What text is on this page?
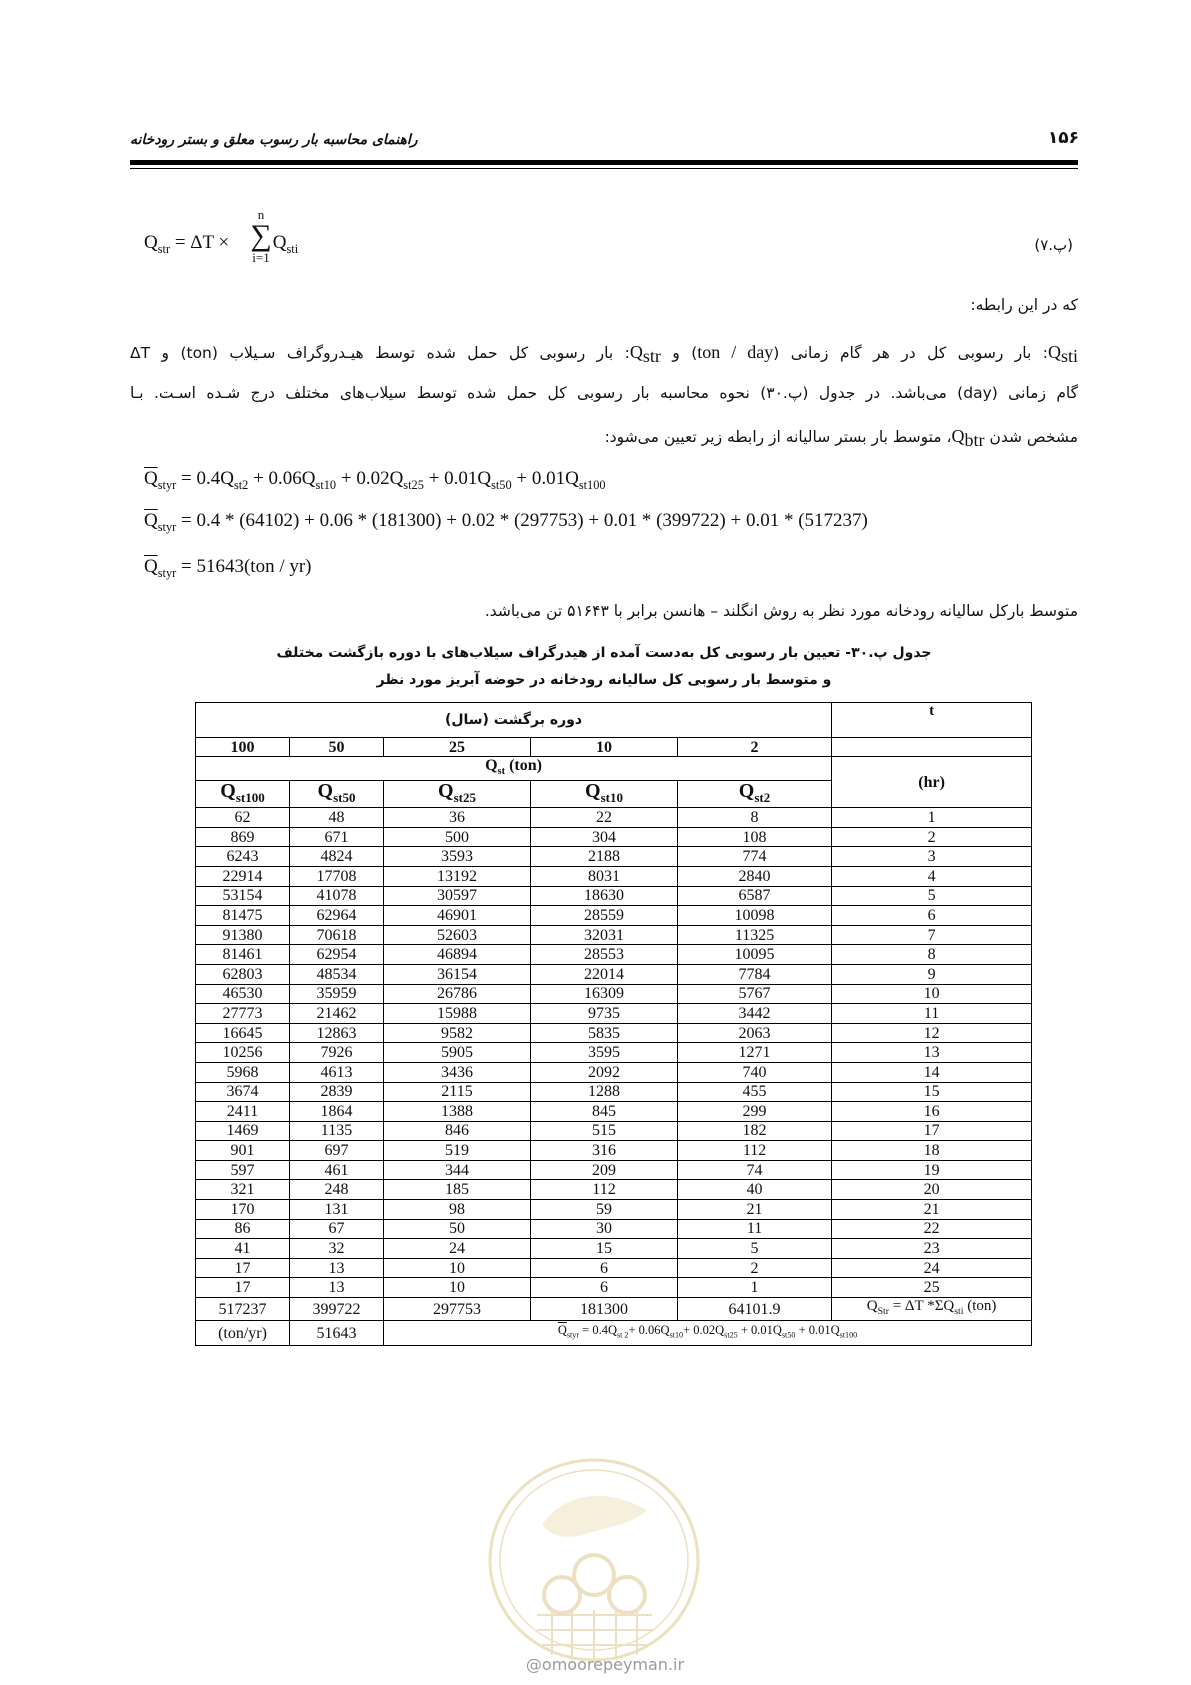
راهنمای محاسبه بار رسوب معلق و بستر رودخانه	۱۵۶
$Q_{str} = \Delta T \times Q_{sti}$
n
∑
i=1
(پ.۷)
که در این رابطه:
$Q_{sti}$: بار رسوبی کل در هر گام زمانی (ton / day) و $Q_{str}$: بار رسوبی کل حمل شده توسط هیـدروگراف سـیلاب (ton) و ΔT
گام زمانی (day) می‌باشد. در جدول (پ.۳۰) نحوه محاسبه بار رسوبی کل حمل شده توسط سیلاب‌های مختلف درج شـده اسـت. بـا
مشخص شدن $Q_{btr}،$ متوسط بار بستر سالیانه از رابطه زیر تعیین می‌شود:
$\overline{Q}_{styr} = 0.4Q_{st2} + 0.06Q_{st10} + 0.02Q_{st25} + 0.01Q_{st50} + 0.01Q_{st100}$
$\overline{Q}_{styr} = 0.4 * (64102) + 0.06 * (181300) + 0.02 * (297753) + 0.01 * (399722) + 0.01 * (517237)$
$\overline{Q}_{styr} = 51643(ton / yr)$
متوسط بارکل سالیانه رودخانه مورد نظر به روش انگلند – هانسن برابر با ۵۱۶۴۳ تن می‌باشد.
جدول پ.۳۰- تعیین بار رسوبی کل به‌دست آمده از هیدرگراف سیلاب‌های با دوره بازگشت مختلف
و متوسط بار رسوبی کل سالیانه رودخانه در حوضه آبریز مورد نظر
دوره برگشت (سال)					t
100	50	25	10	2	
$Q_{st}$ (ton)					(hr)
$Q_{st100}$	$Q_{st50}$	$Q_{st25}$	$Q_{st10}$	$Q_{st2}$
62	48	36	22	8	1
869	671	500	304	108	2
6243	4824	3593	2188	774	3
22914	17708	13192	8031	2840	4
53154	41078	30597	18630	6587	5
81475	62964	46901	28559	10098	6
91380	70618	52603	32031	11325	7
81461	62954	46894	28553	10095	8
62803	48534	36154	22014	7784	9
46530	35959	26786	16309	5767	10
27773	21462	15988	9735	3442	11
16645	12863	9582	5835	2063	12
10256	7926	5905	3595	1271	13
5968	4613	3436	2092	740	14
3674	2839	2115	1288	455	15
2411	1864	1388	845	299	16
1469	1135	846	515	182	17
901	697	519	316	112	18
597	461	344	209	74	19
321	248	185	112	40	20
170	131	98	59	21	21
86	67	50	30	11	22
41	32	24	15	5	23
17	13	10	6	2	24
17	13	10	6	1	25
517237	399722	297753	181300	64101.9	$Q_{Str} = \Delta T$ $*\Sigma Q_{sti}$ (ton)
(ton/yr)	51643	$\overline{Q}_{styr} = 0.4Q_{st 2}+ 0.06Q_{st10}+ 0.02Q_{st25} + 0.01Q_{st50} + 0.01Q_{st100}$
@omoorepeyman.ir
